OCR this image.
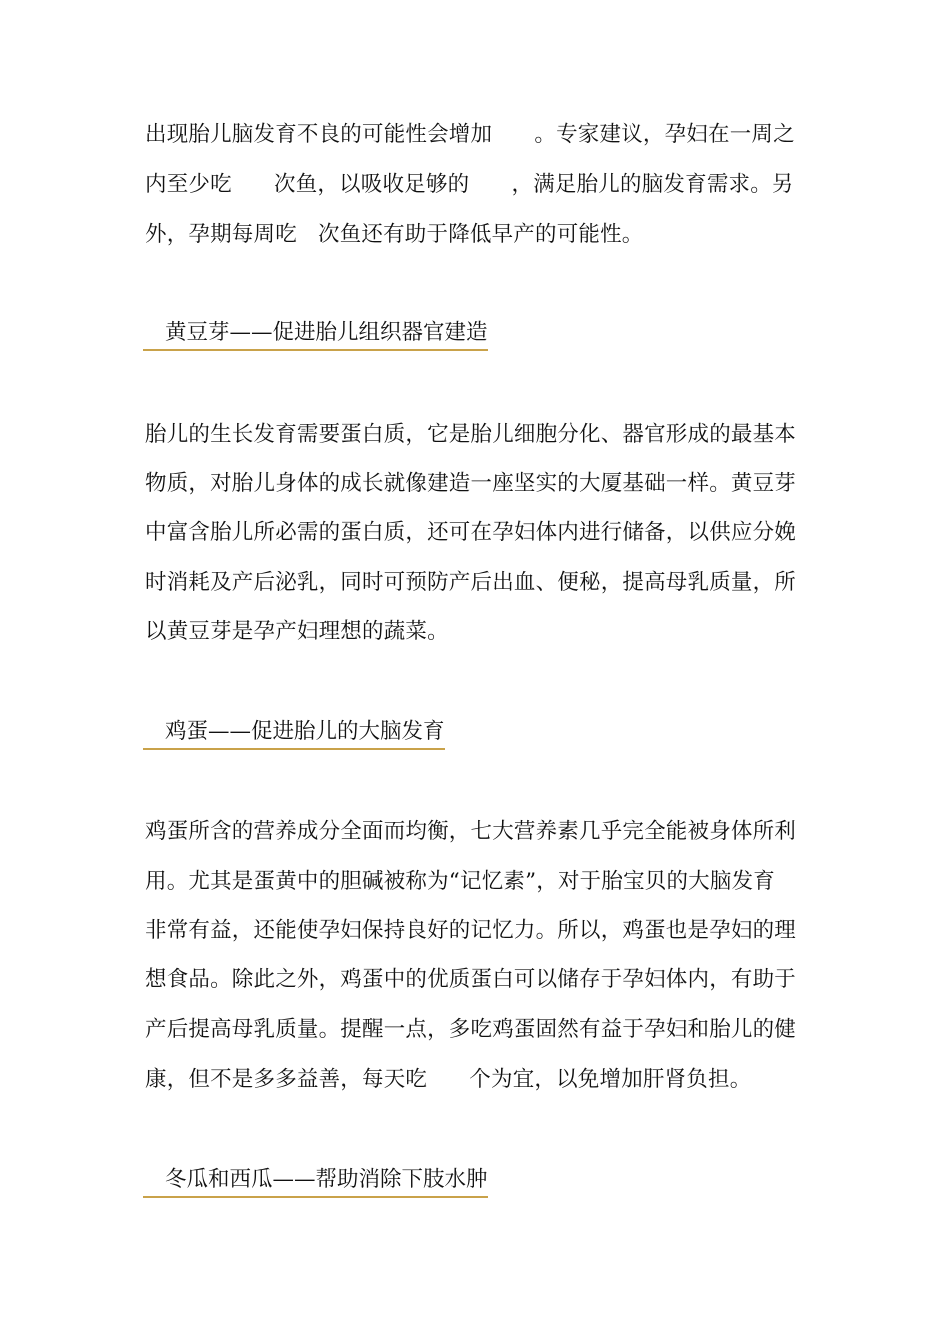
出现胎儿脑发育不良的可能性会增加      。专家建议，孕妇在一周之
内至少吃      次鱼，以吸收足够的      ，满足胎儿的脑发育需求。另
外，孕期每周吃   次鱼还有助于降低早产的可能性。
黄豆芽——促进胎儿组织器官建造
胎儿的生长发育需要蛋白质，它是胎儿细胞分化、器官形成的最基本
物质，对胎儿身体的成长就像建造一座坚实的大厦基础一样。黄豆芽
中富含胎儿所必需的蛋白质，还可在孕妇体内进行储备，以供应分娩
时消耗及产后泌乳，同时可预防产后出血、便秘，提高母乳质量，所
以黄豆芽是孕产妇理想的蔬菜。
鸡蛋——促进胎儿的大脑发育
鸡蛋所含的营养成分全面而均衡，七大营养素几乎完全能被身体所利
用。尤其是蛋黄中的胆碱被称为“记忆素”，对于胎宝贝的大脑发育
非常有益，还能使孕妇保持良好的记忆力。所以，鸡蛋也是孕妇的理
想食品。除此之外，鸡蛋中的优质蛋白可以储存于孕妇体内，有助于
产后提高母乳质量。提醒一点，多吃鸡蛋固然有益于孕妇和胎儿的健
康，但不是多多益善，每天吃      个为宜，以免增加肝肾负担。
冬瓜和西瓜——帮助消除下肢水肿
